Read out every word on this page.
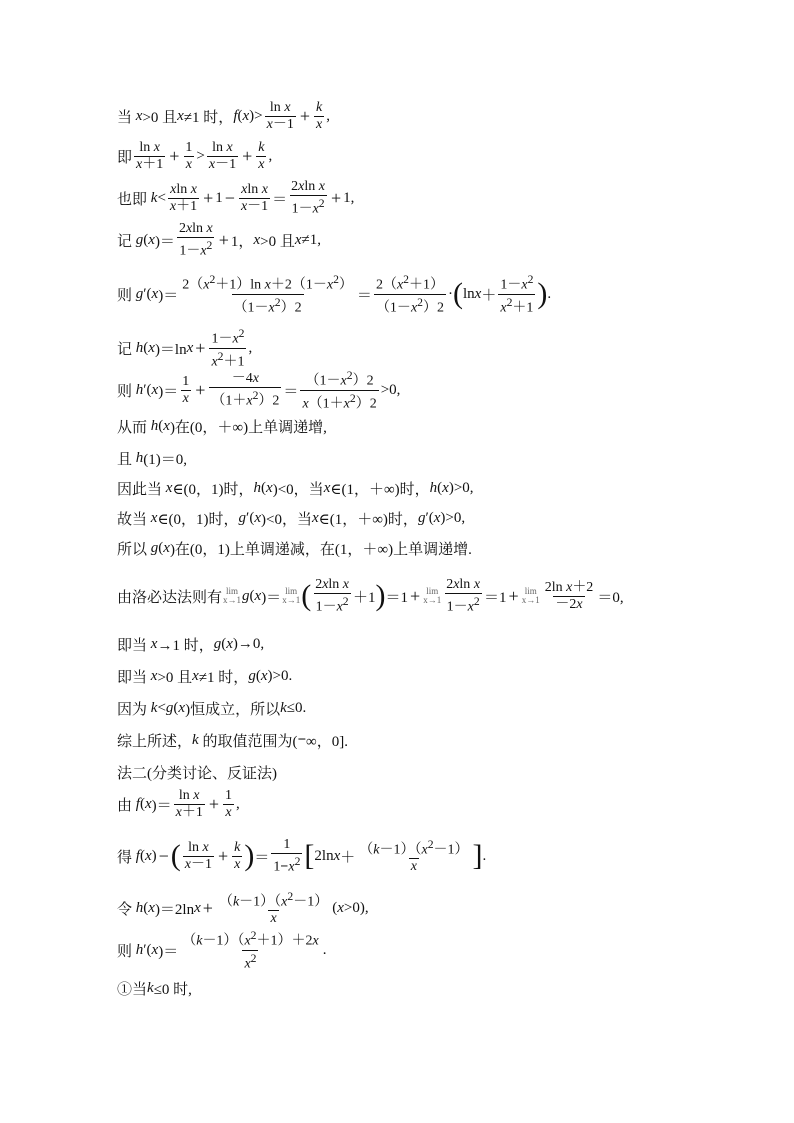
当
x >0 且 x ≠1 时， f ( x )> $\frac{\text{ln x}}{x-1} + \frac{k}{x}$ ,
即 $\frac{\text{ln x}}{x+1} + \frac{1}{x} > \frac{\text{ln x}}{x-1} + \frac{k}{x}$ ,
也即
$k < \frac{\text{xln x}}{x+1} + 1 - \frac{\text{xln x}}{x-1} = \frac{\text{2xln x}}{1-x^2} + 1$,
记
g ( x )＝ $\frac{\text{2xln x}}{1-x^2} + 1$， x >0 且 x ≠1,
则
g ′( x )＝ $\frac{2(x^2+1)\ln x+2(1-x^2)}{(1-x^2)2} = \frac{2(x^2+1)}{(1-x^2)2}$ · ( $\ln x + \frac{1-x^2}{x^2+1}$ ) .
记
h ( x )＝ln $x + \frac{1-x^2}{x^2+1}$ ,
则
h ′( x )＝ $\frac{1}{x} + \frac{-4x}{(1+x^2)2} = \frac{(1-x^2)2}{x(1+x^2)2} >0$,
从而
h ( x )在(0，＋∞)上单调递增,
且
h (1)＝0,
因此当
x ∈(0，1)时， h ( x )<0，当 x ∈(1，＋∞)时， h ( x )>0,
故当
x ∈(0，1)时， g ′( x )<0，当 x ∈(1，＋∞)时， g ′( x )>0,
所以
g ( x )在(0，1)上单调递减，在(1，＋∞)上单调递增.
由洛必达法则有 lim
x→1 g ( x )＝ lim
x→1 ( $\frac{\text{2xln x}}{1-x^2} +1$ ) ＝1 + lim
$x\to 1 \frac{\text{2xln x}}{1-x^2} =1 + \lim$
$x\to 1 \frac{\text{2ln x＋2}}{-2x} =0$,
即当
x →1 时， g ( x )→0,
即当
x >0 且 x ≠1 时， g ( x )>0.
因为
k < g ( x )恒成立，所以 k ≤0.
综上所述， k 的取值范围为( − ∞，0].
法二(分类讨论、反证法)
由
f ( x )＝ $\frac{\text{ln x}}{x+1} + \frac{1}{x}$ ,
得
f ( x ) − ( $\frac{\text{ln x}}{x-1} + \frac{k}{x}$ ) ＝ $\frac{1}{1-x^2}$ [ 2ln $x + \frac{(k-1)(x^2-1)}{x}$ ] .
令
h ( x )＝2ln $x + \frac{(k-1)(x^2-1)}{x}$ ( x >0),
则
h ′( x )＝ $\frac{(k-1)(x^2+1)+2x}{x^2}$ .
①当 k ≤0 时,
